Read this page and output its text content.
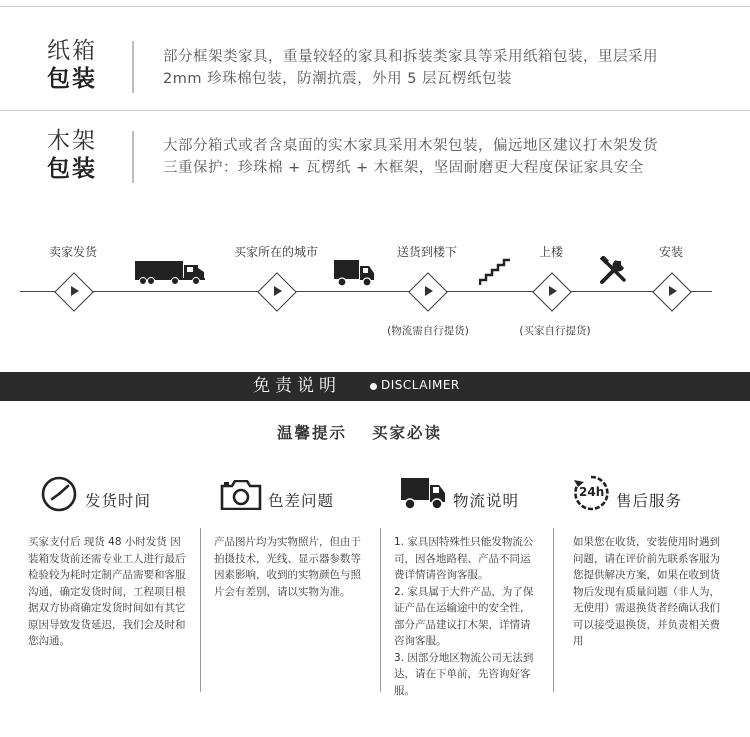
纸箱
包装
部分框架类家具，重量较轻的家具和拆装类家具等采用纸箱包装，里层采用
2mm 珍珠棉包装，防潮抗震，外用 5 层瓦楞纸包装
木架
包装
大部分箱式或者含桌面的实木家具采用木架包装，偏远地区建议打木架发货
三重保护：珍珠棉 + 瓦楞纸 + 木框架，坚固耐磨更大程度保证家具安全
卖家发货	买家所在的城市	送货到楼下	上楼	安装
(物流需自行提货)	(买家自行提货)
免责说明	DISCLAIMER
温馨提示 买家必读
24h
发货时间	色差问题	物流说明	售后服务
买家支付后 现货 48 小时发货 因装箱发货前还需专业工人进行最后检验较为耗时定制产品需要和客服沟通，确定发货时间，工程项目根据双方协商确定发货时间如有其它原因导致发货延迟，我们会及时和您沟通。
产品图片均为实物照片，但由于拍摄技术，光线、显示器参数等因素影响，收到的实物颜色与照片会有差别，请以实物为准。
1. 家具因特殊性只能发物流公司，因各地路程、产品不同运费详情请咨询客服。
2. 家具属于大件产品，为了保证产品在运输途中的安全性，部分产品建议打木架，详情请咨询客服。
3. 因部分地区物流公司无法到达，请在下单前，先咨询好客服。
如果您在收货，安装使用时遇到问题，请在评价前先联系客服为您提供解决方案，如果在收到货物后发现有质量问题（非人为，无使用）需退换货者经确认我们可以接受退换货，并负责相关费用
